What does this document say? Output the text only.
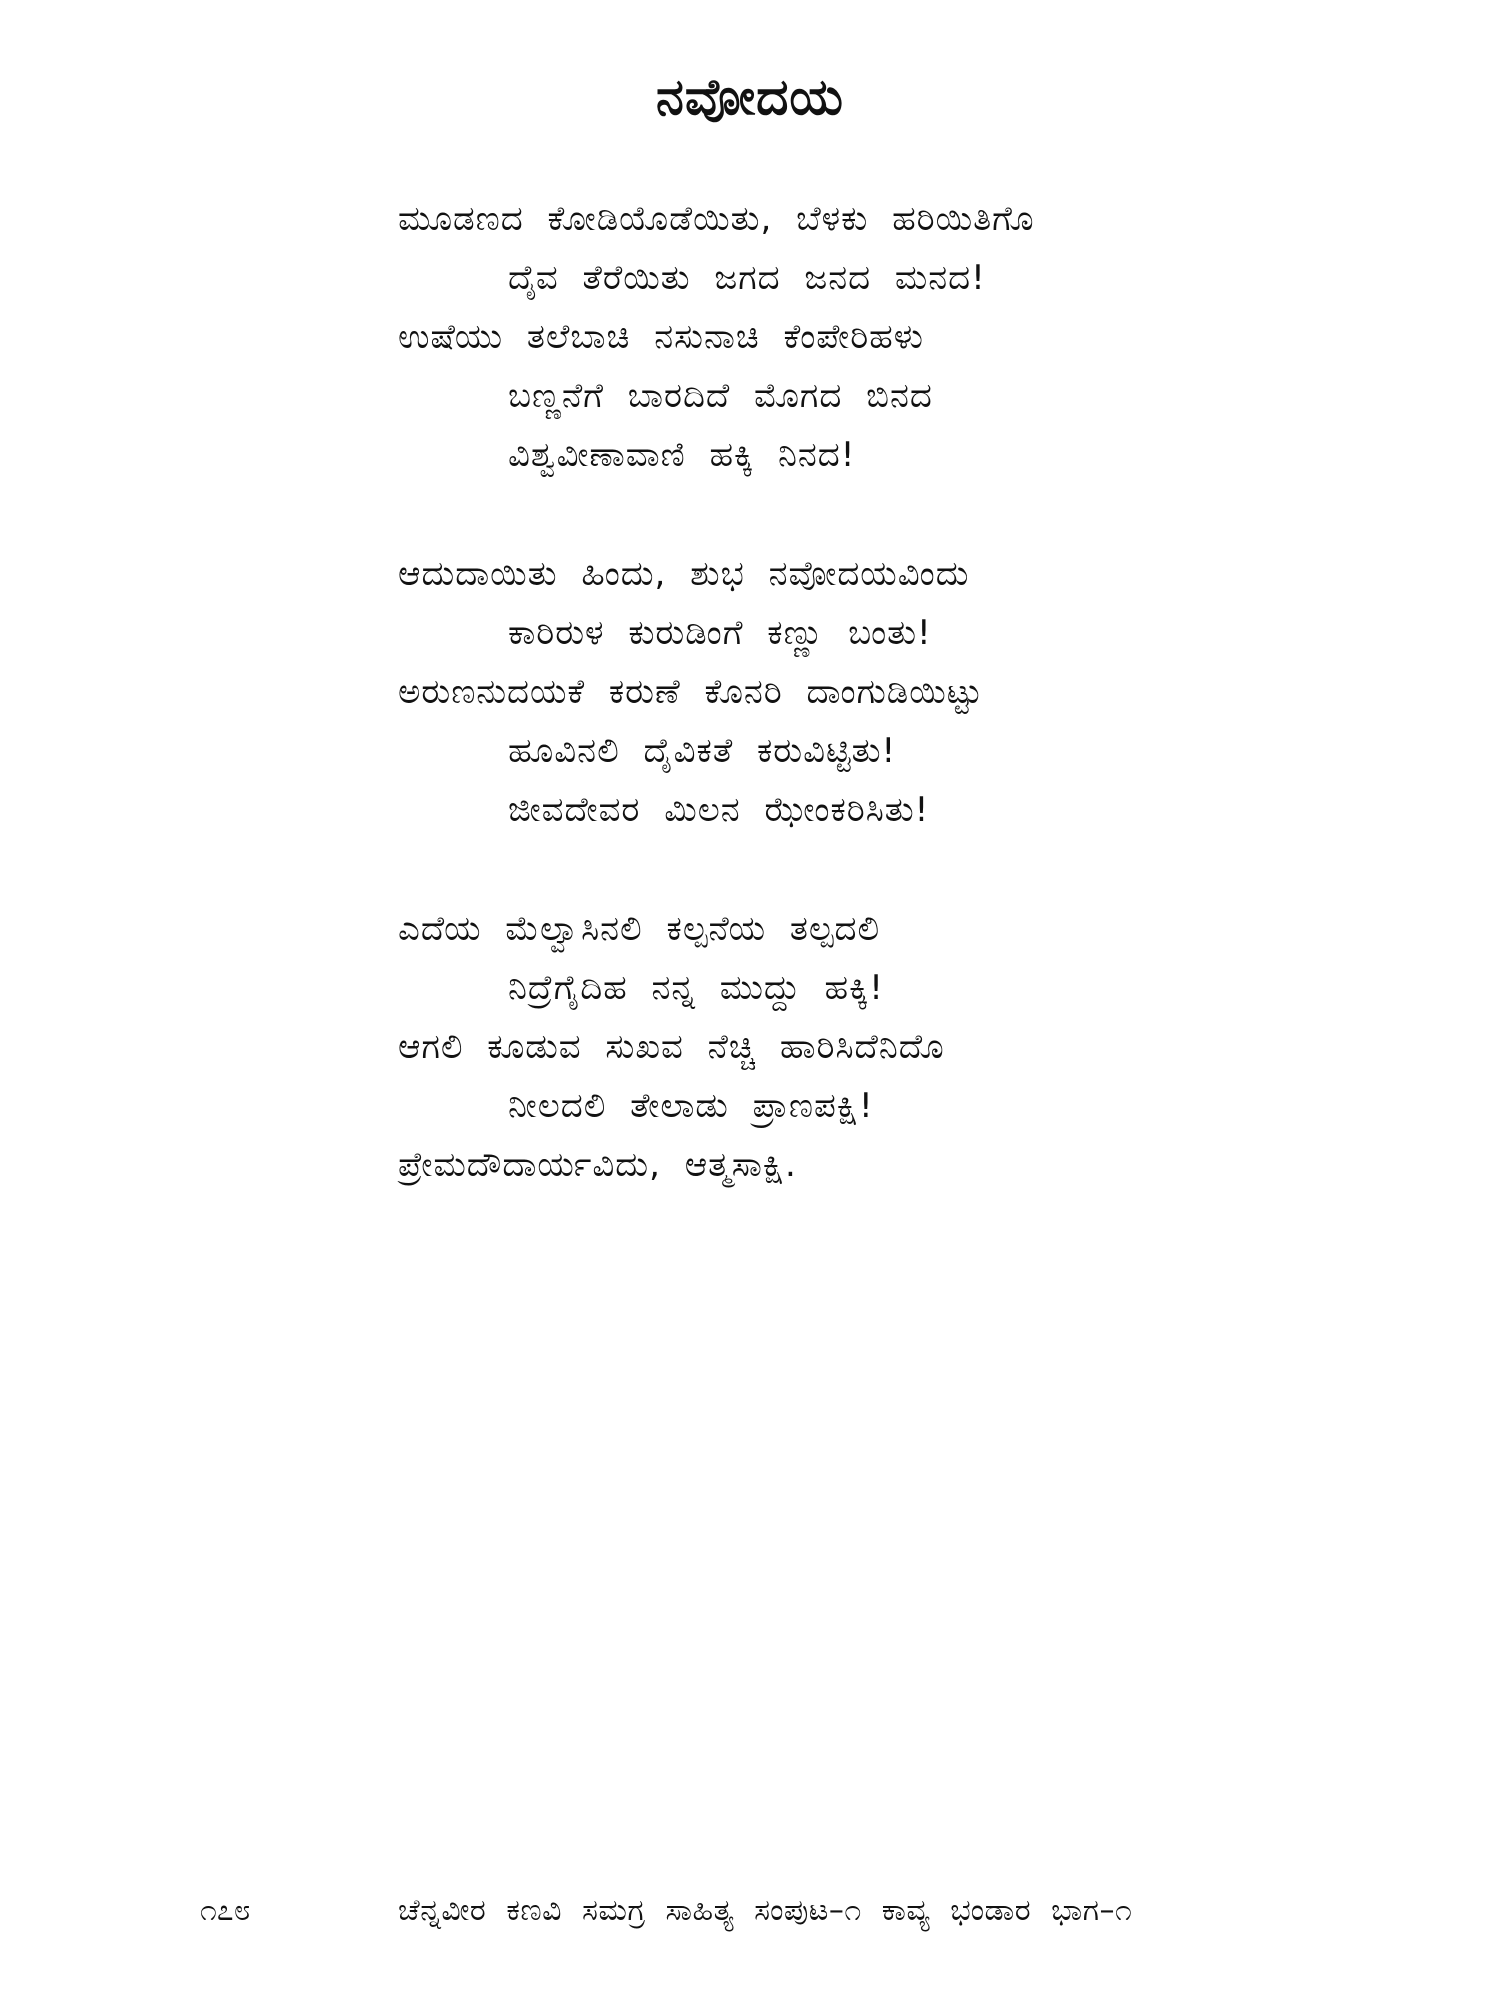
ನವೋದಯ
ಮೂಡಣದ ಕೋಡಿಯೊಡೆಯಿತು, ಬೆಳಕು ಹರಿಯಿತಿಗೊ
ದೈವ ತೆರೆಯಿತು ಜಗದ ಜನದ ಮನದ!
ಉಷೆಯು ತಲೆಬಾಚಿ ನಸುನಾಚಿ ಕೆಂಪೇರಿಹಳು
ಬಣ್ಣನೆಗೆ ಬಾರದಿದೆ ಮೊಗದ ಬಿನದ
ವಿಶ್ವವೀಣಾವಾಣಿ ಹಕ್ಕಿ ನಿನದ!
ಆದುದಾಯಿತು ಹಿಂದು, ಶುಭ ನವೋದಯವಿಂದು
ಕಾರಿರುಳ ಕುರುಡಿಂಗೆ ಕಣ್ಣು ಬಂತು!
ಅರುಣನುದಯಕೆ ಕರುಣೆ ಕೊನರಿ ದಾಂಗುಡಿಯಿಟ್ಟು
ಹೂವಿನಲಿ ದೈವಿಕತೆ ಕರುವಿಟ್ಟಿತು!
ಜೀವದೇವರ ಮಿಲನ ಝೇಂಕರಿಸಿತು!
ಎದೆಯ ಮೆಲ್ವಾಸಿನಲಿ ಕಲ್ಪನೆಯ ತಲ್ಪದಲಿ
ನಿದ್ರೆಗೈದಿಹ ನನ್ನ ಮುದ್ದು ಹಕ್ಕಿ!
ಆಗಲಿ ಕೂಡುವ ಸುಖವ ನೆಚ್ಚಿ ಹಾರಿಸಿದೆನಿದೊ
ನೀಲದಲಿ ತೇಲಾಡು ಪ್ರಾಣಪಕ್ಷಿ!
ಪ್ರೇಮದೌದಾರ್ಯವಿದು, ಆತ್ಮಸಾಕ್ಷಿ.
೧೭೮	ಚೆನ್ನವೀರ ಕಣವಿ ಸಮಗ್ರ ಸಾಹಿತ್ಯ ಸಂಪುಟ–೧ ಕಾವ್ಯ ಭಂಡಾರ ಭಾಗ–೧
